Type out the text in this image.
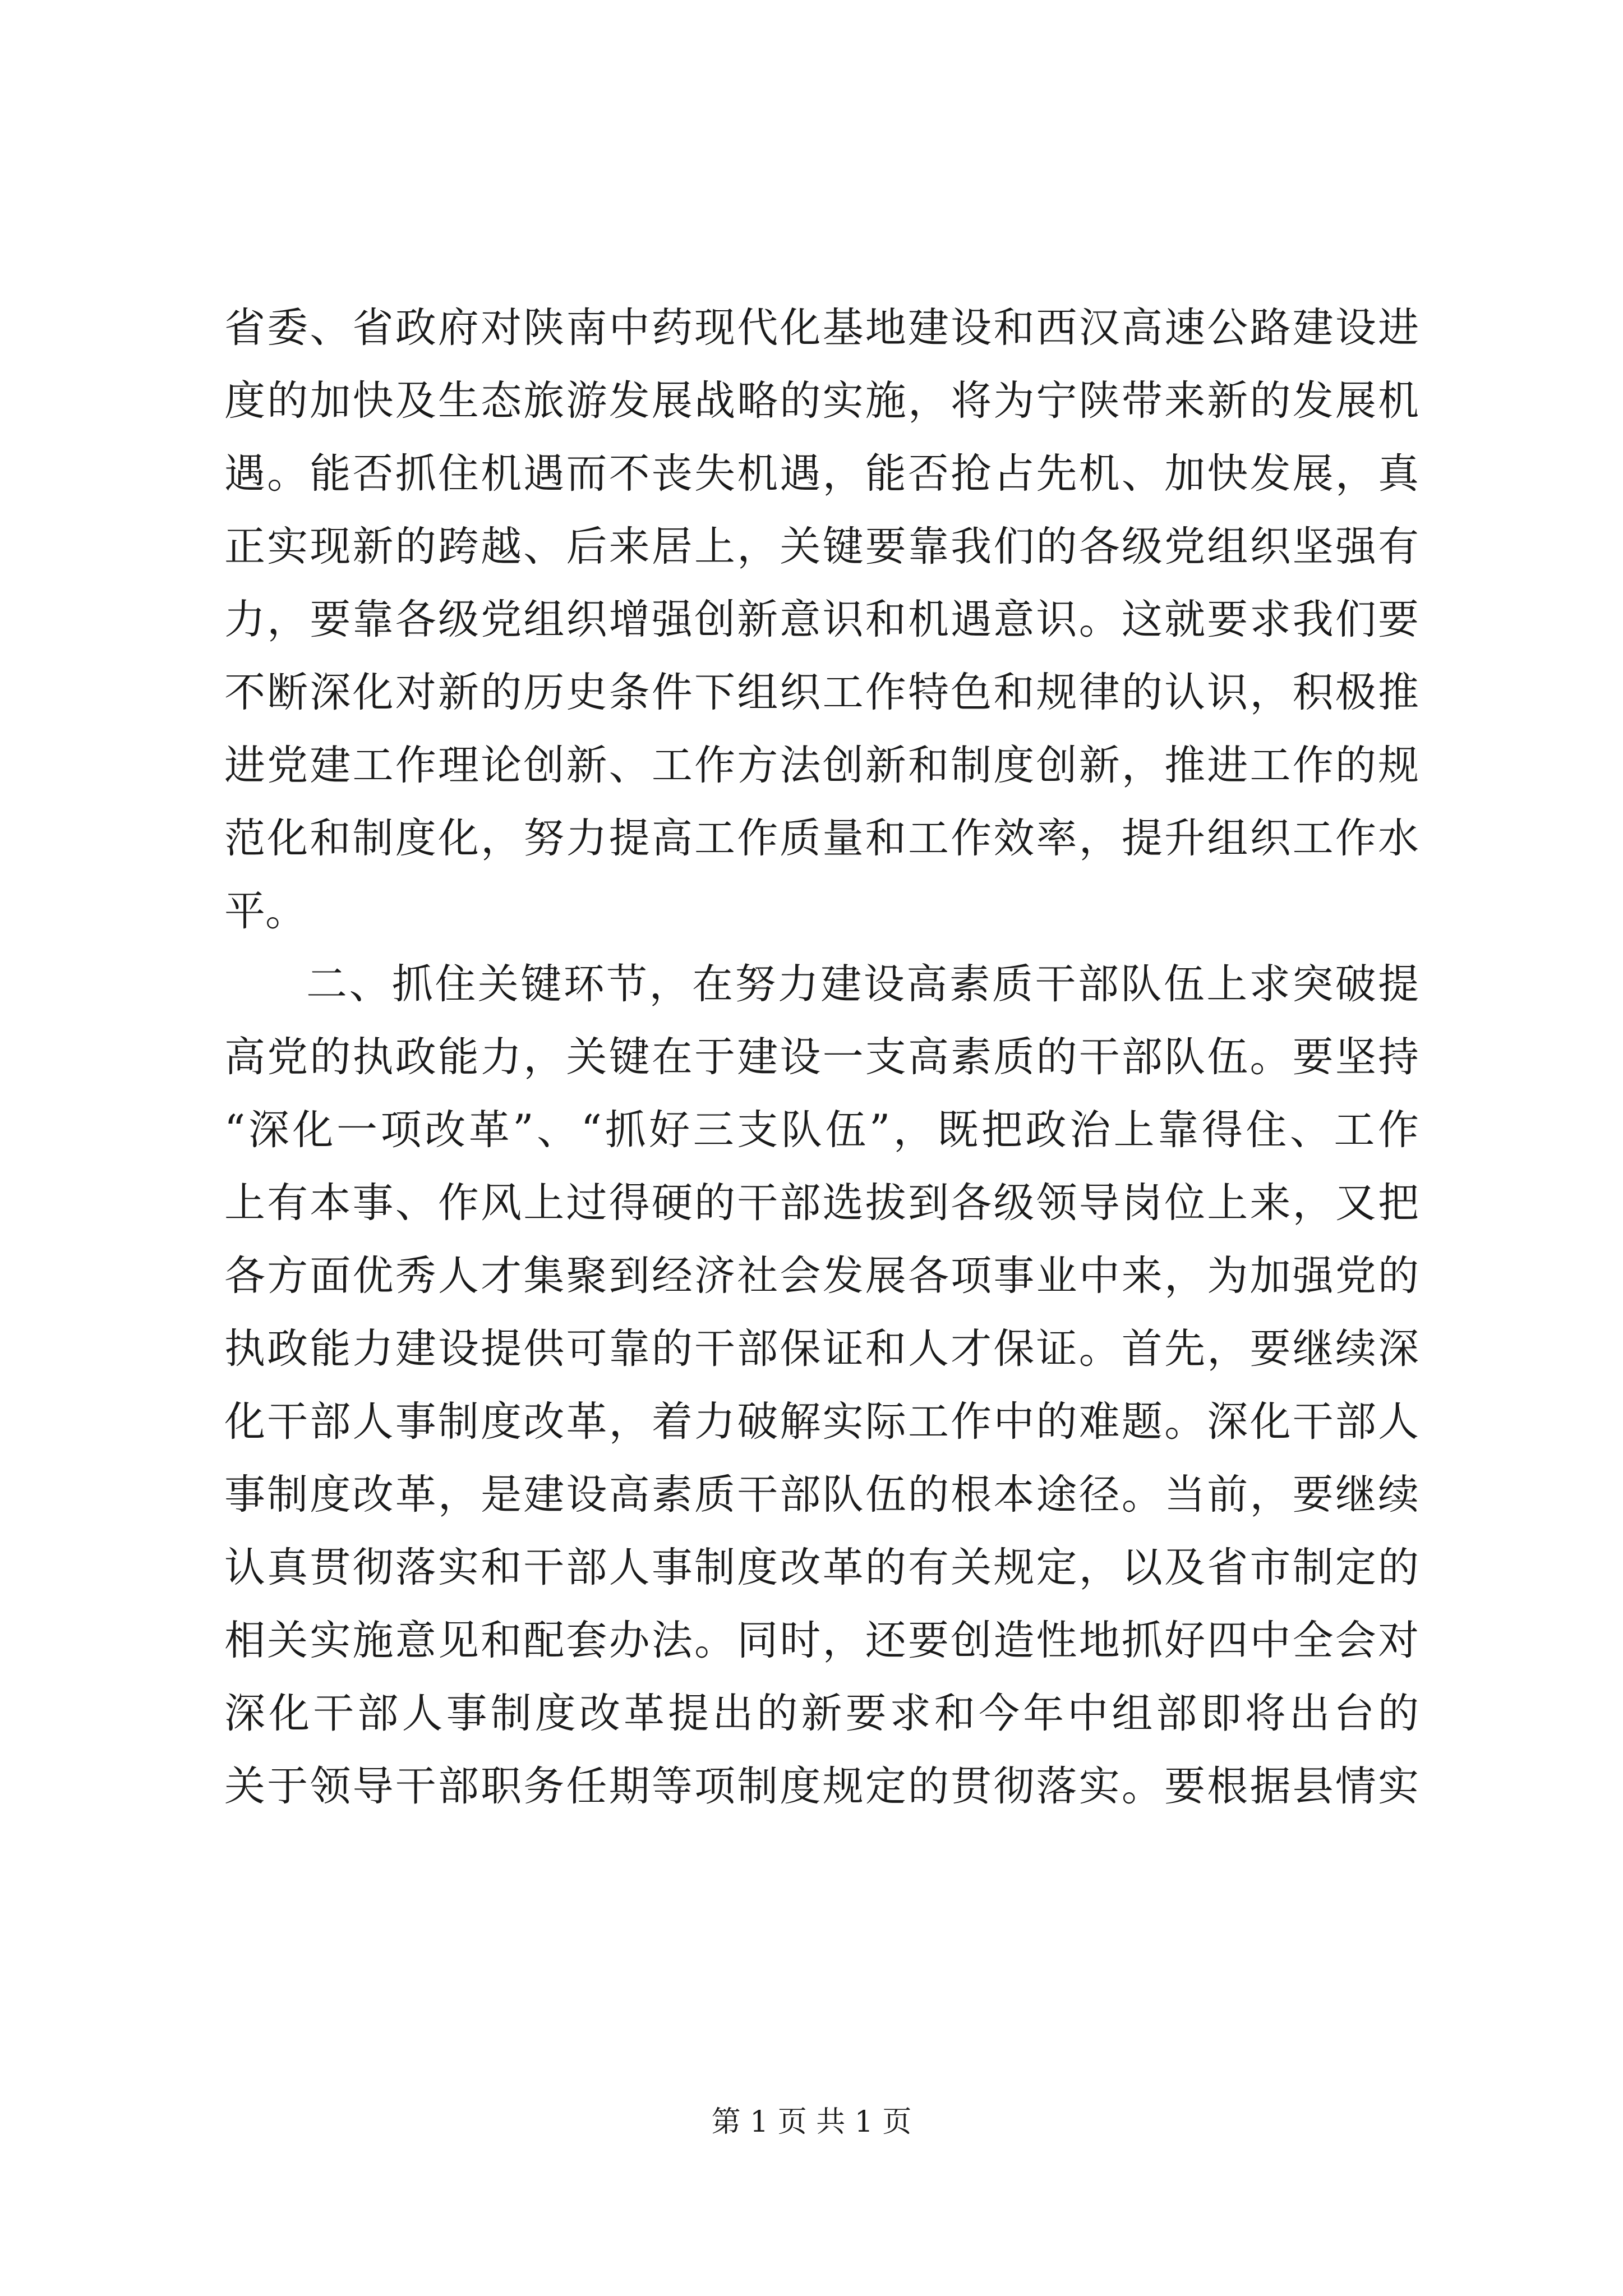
省委、省政府对陕南中药现代化基地建设和西汉高速公路建设进
度的加快及生态旅游发展战略的实施，将为宁陕带来新的发展机
遇。能否抓住机遇而不丧失机遇，能否抢占先机、加快发展，真
正实现新的跨越、后来居上，关键要靠我们的各级党组织坚强有
力，要靠各级党组织增强创新意识和机遇意识。这就要求我们要
不断深化对新的历史条件下组织工作特色和规律的认识，积极推
进党建工作理论创新、工作方法创新和制度创新，推进工作的规
范化和制度化，努力提高工作质量和工作效率，提升组织工作水
平。
二、抓住关键环节，在努力建设高素质干部队伍上求突破提
高党的执政能力，关键在于建设一支高素质的干部队伍。要坚持
“深化一项改革”、“抓好三支队伍”，既把政治上靠得住、工作
上有本事、作风上过得硬的干部选拔到各级领导岗位上来，又把
各方面优秀人才集聚到经济社会发展各项事业中来，为加强党的
执政能力建设提供可靠的干部保证和人才保证。首先，要继续深
化干部人事制度改革，着力破解实际工作中的难题。深化干部人
事制度改革，是建设高素质干部队伍的根本途径。当前，要继续
认真贯彻落实和干部人事制度改革的有关规定，以及省市制定的
相关实施意见和配套办法。同时，还要创造性地抓好四中全会对
深化干部人事制度改革提出的新要求和今年中组部即将出台的
关于领导干部职务任期等项制度规定的贯彻落实。要根据县情实
第 1 页 共 1 页
